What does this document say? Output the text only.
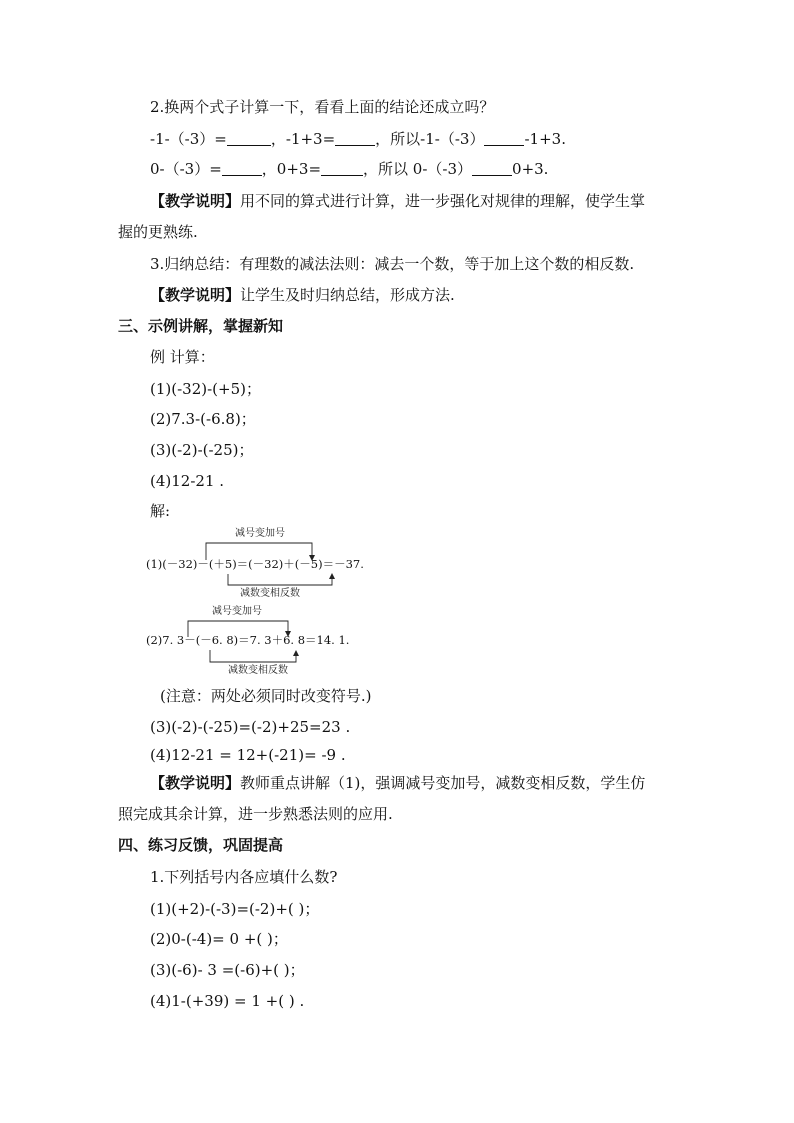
2.换两个式子计算一下，看看上面的结论还成立吗？
-1-（-3）=	，-1+3=	，所以-1-（-3）	-1+3.
0-（-3）=	，0+3=	，所以 0-（-3）	0+3.
【教学说明】用不同的算式进行计算，进一步强化对规律的理解，使学生掌
握的更熟练.
3.归纳总结：有理数的减法法则：减去一个数，等于加上这个数的相反数.
【教学说明】让学生及时归纳总结，形成方法.
三、示例讲解，掌握新知
例 计算：
(1)(-32)-(+5)；
(2)7.3-(-6.8)；
(3)(-2)-(-25)；
(4)12-21 .
解:
减号变加号
(1)(－32)－(＋5)＝(－32)＋(－5)＝－37.
减数变相反数
减号变加号
(2)7. 3－(－6. 8)＝7. 3＋6. 8＝14. 1.
减数变相反数
(注意：两处必须同时改变符号.)
(3)(-2)-(-25)=(-2)+25=23 .
(4)12-21 = 12+(-21)= -9 .
【教学说明】教师重点讲解（1)，强调减号变加号，减数变相反数，学生仿
照完成其余计算，进一步熟悉法则的应用.
四、练习反馈，巩固提高
1.下列括号内各应填什么数?
(1)(+2)-(-3)=(-2)+( )；
(2)0-(-4)= 0 +( )；
(3)(-6)- 3 =(-6)+( )；
(4)1-(+39) = 1 +( ) .
